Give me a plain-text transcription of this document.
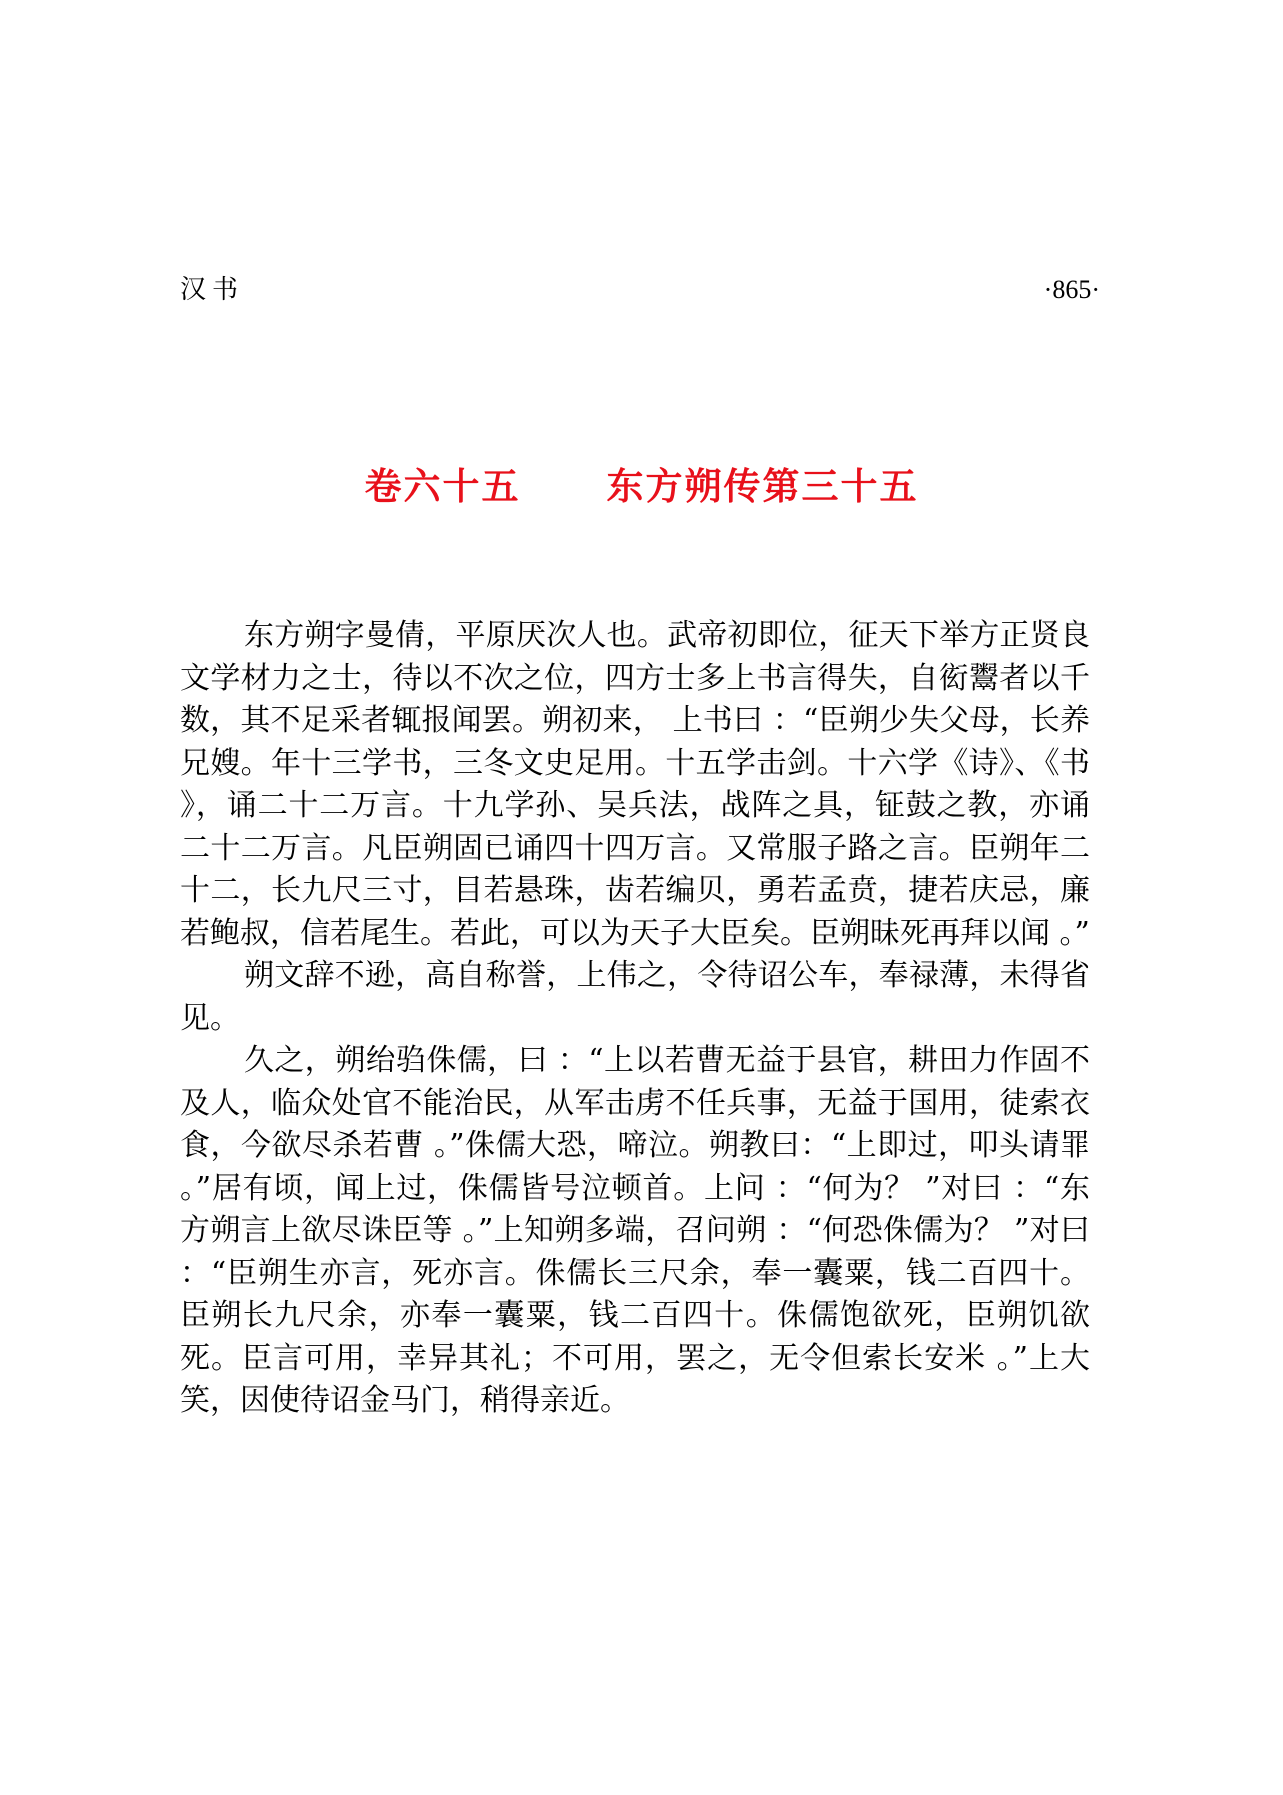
汉书	·865·
卷六十五 东方朔传第三十五

东方朔字曼倩，平原厌次人也。武帝初即位，征天下举方正贤良文学材力之士，待以不次之位，四方士多上书言得失，自衒鬻者以千数，其不足采者辄报闻罢。朔初来， 上书曰 ：“臣朔少失父母，长养兄嫂。年十三学书，三冬文史足用。十五学击剑。十六学《诗》、《书 》，诵二十二万言。十九学孙、吴兵法，战阵之具，钲鼓之教，亦诵二十二万言。凡臣朔固已诵四十四万言。又常服子路之言。臣朔年二十二，长九尺三寸，目若悬珠，齿若编贝，勇若孟贲，捷若庆忌，廉若鲍叔，信若尾生。若此，可以为天子大臣矣。臣朔昧死再拜以闻 。”

朔文辞不逊，高自称誉，上伟之，令待诏公车，奉禄薄，未得省见。

久之，朔绐驺侏儒，曰 ：“上以若曹无益于县官，耕田力作固不及人，临众处官不能治民，从军击虏不任兵事，无益于国用，徒索衣食，今欲尽杀若曹 。”侏儒大恐，啼泣。朔教曰：“上即过，叩头请罪 。”居有顷，闻上过，侏儒皆号泣顿首。上问 ：“何为？ ”对曰 ：“东方朔言上欲尽诛臣等 。”上知朔多端，召问朔 ：“何恐侏儒为？ ”对曰 ：“臣朔生亦言，死亦言。侏儒长三尺余，奉一囊粟，钱二百四十。臣朔长九尺余，亦奉一囊粟，钱二百四十。侏儒饱欲死，臣朔饥欲死。臣言可用，幸异其礼；不可用，罢之，无令但索长安米 。”上大笑，因使待诏金马门，稍得亲近。
